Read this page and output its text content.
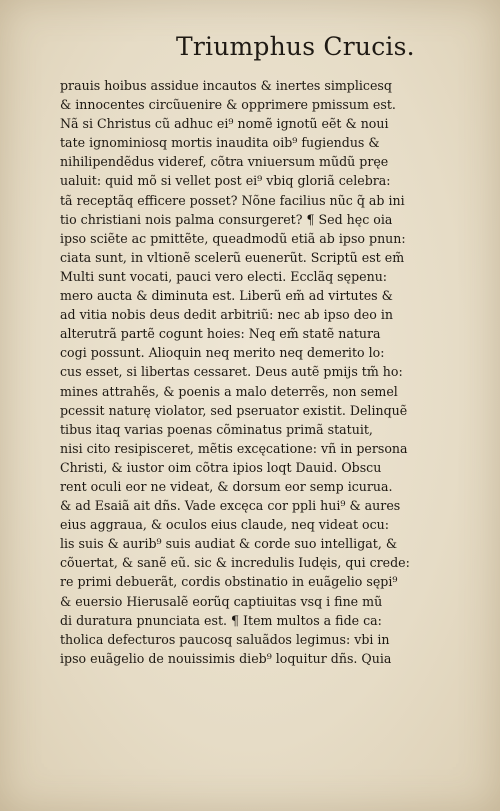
Triumphus Crucis.
prauis hoibus assidue incautos & inertes simplicesq
& innocentes circũuenire & opprimere pmissum est.
Nã si Christus cũ adhuc ei⁹ nomẽ ignotũ eẽt & noui
tate ignominiosq mortis inaudita oib⁹ fugiendus &
nihilipendẽdus videref, cõtra vniuersum mũdũ pręe
ualuit: quid mõ si vellet post ei⁹ vbiq gloriã celebra:
tã receptãq efficere posset? Nõne facilius nũc q̃ ab ini
tio christiani nois palma consurgeret? ¶ Sed hęc oia
ipso sciẽte ac pmittẽte, queadmodũ etiã ab ipso pnun:
ciata sunt, in vltionẽ scelerũ euenerũt. Scriptũ est em̃
Multi sunt vocati, pauci vero electi. Ecclãq sępenu:
mero aucta & diminuta est. Liberũ em̃ ad virtutes &
ad vitia nobis deus dedit arbitriũ: nec ab ipso deo in
alterutrã partẽ cogunt hoies: Neq em̃ statẽ natura
cogi possunt. Alioquin neq merito neq demerito lo:
cus esset, si libertas cessaret. Deus autẽ pmijs tm̃ ho:
mines attrahẽs, & poenis a malo deterrẽs, non semel
pcessit naturę violator, sed pseruator existit. Delinquẽ
tibus itaq varias poenas cõminatus primã statuit,
nisi cito resipisceret, mẽtis excęcatione: vñ in persona
Christi, & iustor oim cõtra ipios loqt Dauid. Obscu
rent oculi eor ne videat, & dorsum eor semp icurua.
& ad Esaiã ait dñs. Vade excęca cor ppli hui⁹ & aures
eius aggraua, & oculos eius claude, neq videat ocu:
lis suis & aurib⁹ suis audiat & corde suo intelligat, &
cõuertat, & sanẽ eũ. sic & incredulis Iudęis, qui crede:
re primi debuerãt, cordis obstinatio in euãgelio sępi⁹
& euersio Hierusalẽ eorũq captiuitas vsq i fine mũ
di duratura pnunciata est. ¶ Item multos a fide ca:
tholica defecturos paucosq saluãdos legimus: vbi in
ipso euãgelio de nouissimis dieb⁹ loquitur dñs. Quia
